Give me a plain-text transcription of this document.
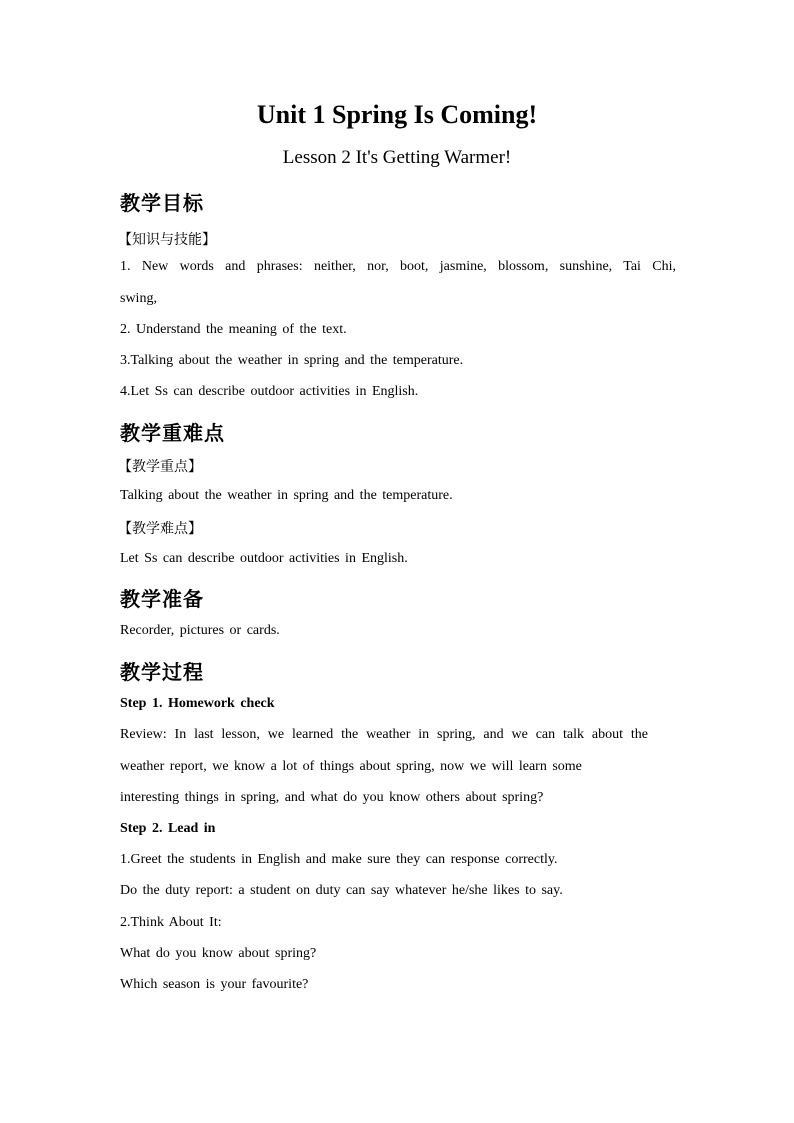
Unit 1 Spring Is Coming!
Lesson 2 It's Getting Warmer!
教学目标
【知识与技能】
1. New words and phrases: neither, nor, boot, jasmine, blossom, sunshine, Tai Chi,
swing,
2. Understand the meaning of the text.
3.Talking about the weather in spring and the temperature.
4.Let Ss can describe outdoor activities in English.
教学重难点
【教学重点】
Talking about the weather in spring and the temperature.
【教学难点】
Let Ss can describe outdoor activities in English.
教学准备
Recorder, pictures or cards.
教学过程
Step 1. Homework check
Review: In last lesson, we learned the weather in spring, and we can talk about the
weather report, we know a lot of things about spring, now we will learn some
interesting things in spring, and what do you know others about spring?
Step 2. Lead in
1.Greet the students in English and make sure they can response correctly.
Do the duty report: a student on duty can say whatever he/she likes to say.
2.Think About It:
What do you know about spring?
Which season is your favourite?
